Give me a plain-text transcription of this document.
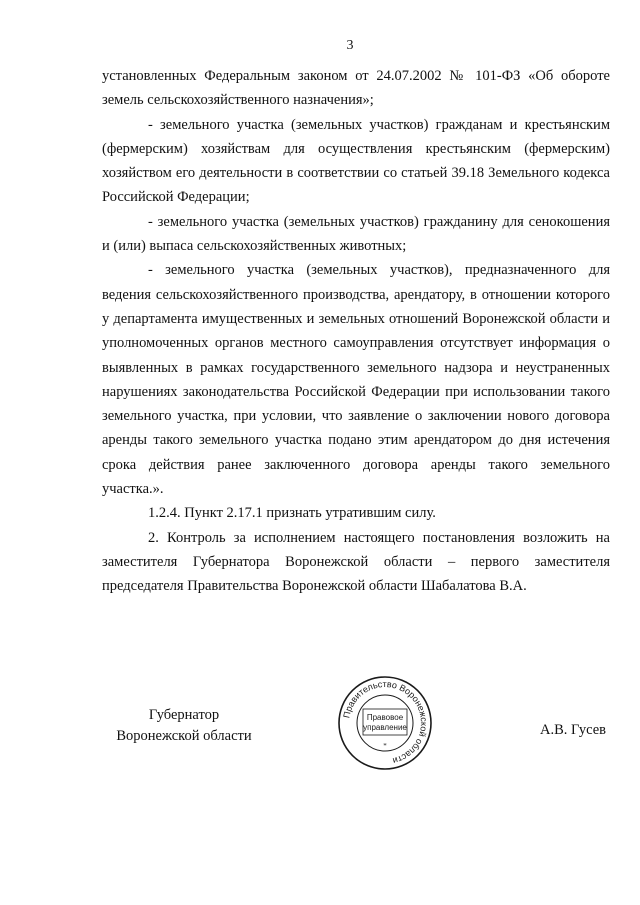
3

установленных Федеральным законом от 24.07.2002 № 101-ФЗ «Об обороте земель сельскохозяйственного назначения»;

- земельного участка (земельных участков) гражданам и крестьянским (фермерским) хозяйствам для осуществления крестьянским (фермерским) хозяйством его деятельности в соответствии со статьей 39.18 Земельного кодекса Российской Федерации;

- земельного участка (земельных участков) гражданину для сенокошения и (или) выпаса сельскохозяйственных животных;

- земельного участка (земельных участков), предназначенного для ведения сельскохозяйственного производства, арендатору, в отношении которого у департамента имущественных и земельных отношений Воронежской области и уполномоченных органов местного самоуправления отсутствует информация о выявленных в рамках государственного земельного надзора и неустраненных нарушениях законодательства Российской Федерации при использовании такого земельного участка, при условии, что заявление о заключении нового договора аренды такого земельного участка подано этим арендатором до дня истечения срока действия ранее заключенного договора аренды такого земельного участка.».

1.2.4. Пункт 2.17.1 признать утратившим силу.

2. Контроль за исполнением настоящего постановления возложить на заместителя Губернатора Воронежской области – первого заместителя председателя Правительства Воронежской области Шабалатова В.А.

Губернатор
Воронежской области
Правительство Воронежской области
Правовое
управление
*
А.В. Гусев
